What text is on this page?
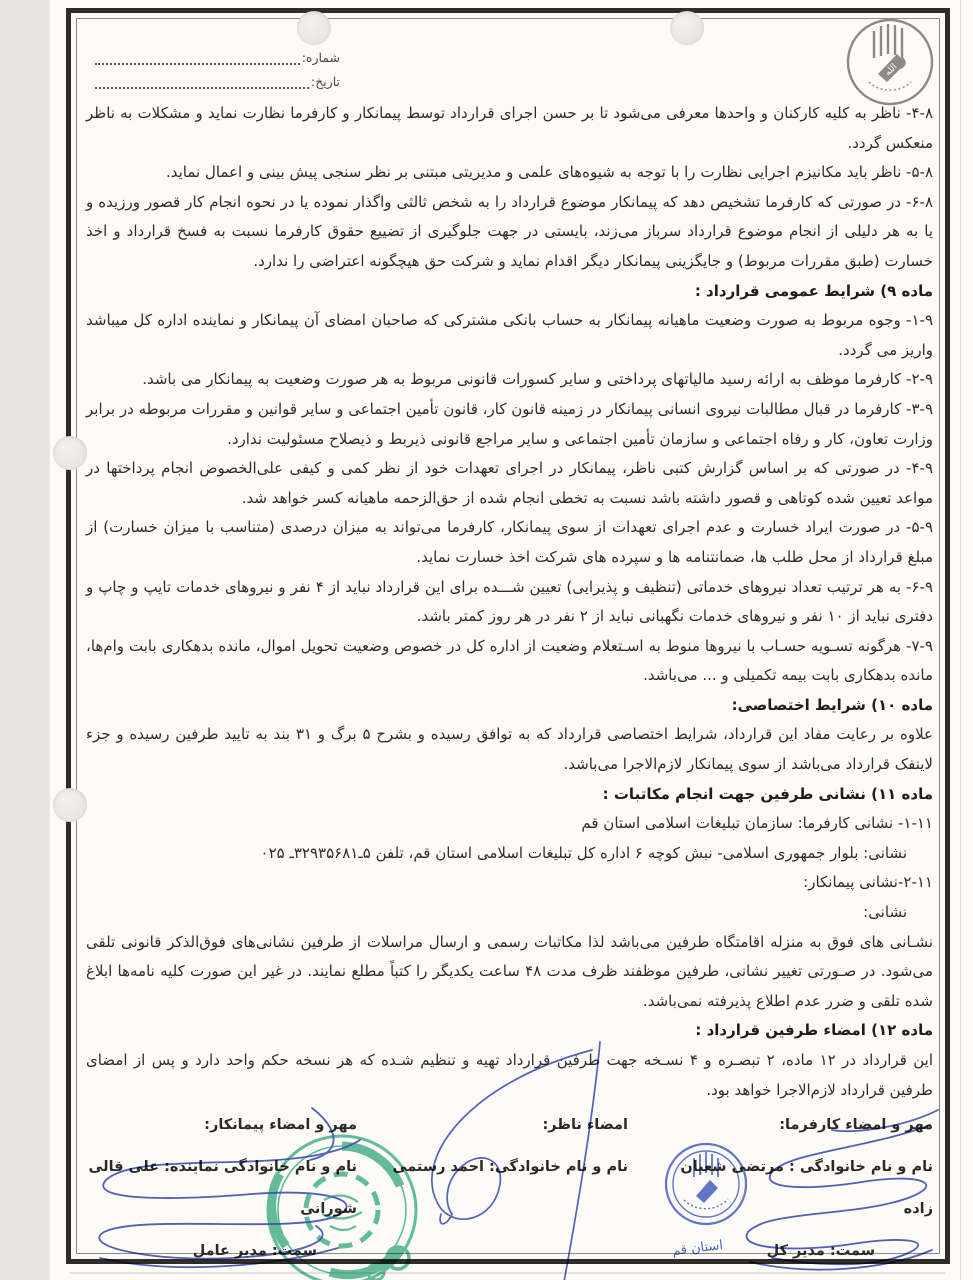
شماره:
تاریخ:
الله

۴-۸- ناظر به کلیه کارکنان و واحدها معرفی می‌شود تا بر حسن اجرای قرارداد توسط پیمانکار و کارفرما نظارت نماید و مشکلات به ناظر منعکس گردد.

۵-۸- ناظر باید مکانیزم اجرایی نظارت را با توجه به شیوه‌های علمی و مدیریتی مبتنی بر نظر سنجی پیش بینی و اعمال نماید.

۶-۸- در صورتی که کارفرما تشخیص دهد که پیمانکار موضوع قرارداد را به شخص ثالثی واگذار نموده یا در نحوه انجام کار قصور ورزیده و یا به هر دلیلی از انجام موضوع قرارداد سرباز می‌زند، بایستی در جهت جلوگیری از تضییع حقوق کارفرما نسبت به فسخ قرارداد و اخذ خسارت (طبق مقررات مربوط) و جایگزینی پیمانکار دیگر اقدام نماید و شرکت حق هیچگونه اعتراضی را ندارد.

ماده ۹) شرایط عمومی قرارداد :

۱-۹- وجوه مربوط به صورت وضعیت ماهیانه پیمانکار به حساب بانکی مشترکی که صاحبان امضای آن پیمانکار و نماینده اداره کل میباشد واریز می گردد.

۲-۹- کارفرما موظف به ارائه رسید مالیاتهای پرداختی و سایر کسورات قانونی مربوط به هر صورت وضعیت به پیمانکار می باشد.

۳-۹- کارفرما در قبال مطالبات نیروی انسانی پیمانکار در زمینه قانون کار، قانون تأمین اجتماعی و سایر قوانین و مقررات مربوطه در برابر وزارت تعاون، کار و رفاه اجتماعی و سازمان تأمین اجتماعی و سایر مراجع قانونی ذیربط و ذیصلاح مسئولیت ندارد.

۴-۹- در صورتی که بر اساس گزارش کتبی ناظر، پیمانکار در اجرای تعهدات خود از نظر کمی و کیفی علی‌الخصوص انجام پرداختها در مواعد تعیین شده کوتاهی و قصور داشته باشد نسبت به تخطی انجام شده از حق‌الزحمه ماهیانه کسر خواهد شد.

۵-۹- در صورت ایراد خسارت و عدم اجرای تعهدات از سوی پیمانکار، کارفرما می‌تواند به میزان درصدی (متناسب با میزان خسارت) از مبلغ قرارداد از محل طلب ها، ضمانتنامه ها و سپرده های شرکت اخذ خسارت نماید.

۶-۹- به هر ترتیب تعداد نیروهای خدماتی (تنظیف و پذیرایی) تعیین شـــده برای این قرارداد نباید از ۴ نفر و نیروهای خدمات تایپ و چاپ و دفتری نباید از ۱۰ نفر و نیروهای خدمات نگهبانی نباید از ۲ نفر در هر روز کمتر باشد.

۷-۹- هرگونه تسـویه حسـاب با نیروها منوط به اسـتعلام وضعیت از اداره کل در خصوص وضعیت تحویل اموال، مانده بدهکاری بابت وام‌ها، مانده بدهکاری بابت بیمه تکمیلی و ... می‌باشد.

ماده ۱۰) شرایط اختصاصی:

علاوه بر رعایت مفاد این قرارداد، شرایط اختصاصی قرارداد که به توافق رسیده و بشرح ۵ برگ و ۳۱ بند به تایید طرفین رسیده و جزء لاینفک قرارداد می‌باشد از سوی پیمانکار لازم‌الاجرا می‌باشد.

ماده ۱۱) نشانی طرفین جهت انجام مکاتبات :

۱-۱۱- نشانی کارفرما: سازمان تبلیغات اسلامی استان قم

نشانی: بلوار جمهوری اسلامی- نبش کوچه ۶ اداره کل تبلیغات اسلامی استان قم، تلفن ۵ـ۳۲۹۳۵۶۸۱ـ ۰۲۵

۲-۱۱-نشانی پیمانکار:

نشانی:

نشـانی های فوق به منزله اقامتگاه طرفین می‌باشد لذا مکاتبات رسمی و ارسال مراسلات از طرفین نشانی‌های فوق‌الذکر قانونی تلقی می‌شود. در صـورتی تغییر نشانی، طرفین موظفند ظرف مدت ۴۸ ساعت یکدیگر را کتباً مطلع نمایند. در غیر این صورت کلیه نامه‌ها ابلاغ شده تلقی و ضرر عدم اطلاع پذیرفته نمی‌باشد.

ماده ۱۲) امضاء طرفین قرارداد :

این قرارداد در ۱۲ ماده، ۲ تبصـره و ۴ نسـخه جهت طرفین قرارداد تهیه و تنظیم شـده که هر نسخه حکم واحد دارد و پس از امضای طرفین قرارداد لازم‌الاجرا خواهد بود.

مهر و امضاء کارفرما:
نام و نام خانوادگی : مرتضی شعبان زاده
سمت: مدیر کل
امضاء ناظر:
نام و نام خانوادگی: احمد رستمی
مهر و امضاء پیمانکار:
نام و نام خانوادگی نماینده: علی قالی شورانی
سمت: مدیر عامل	استان قم
